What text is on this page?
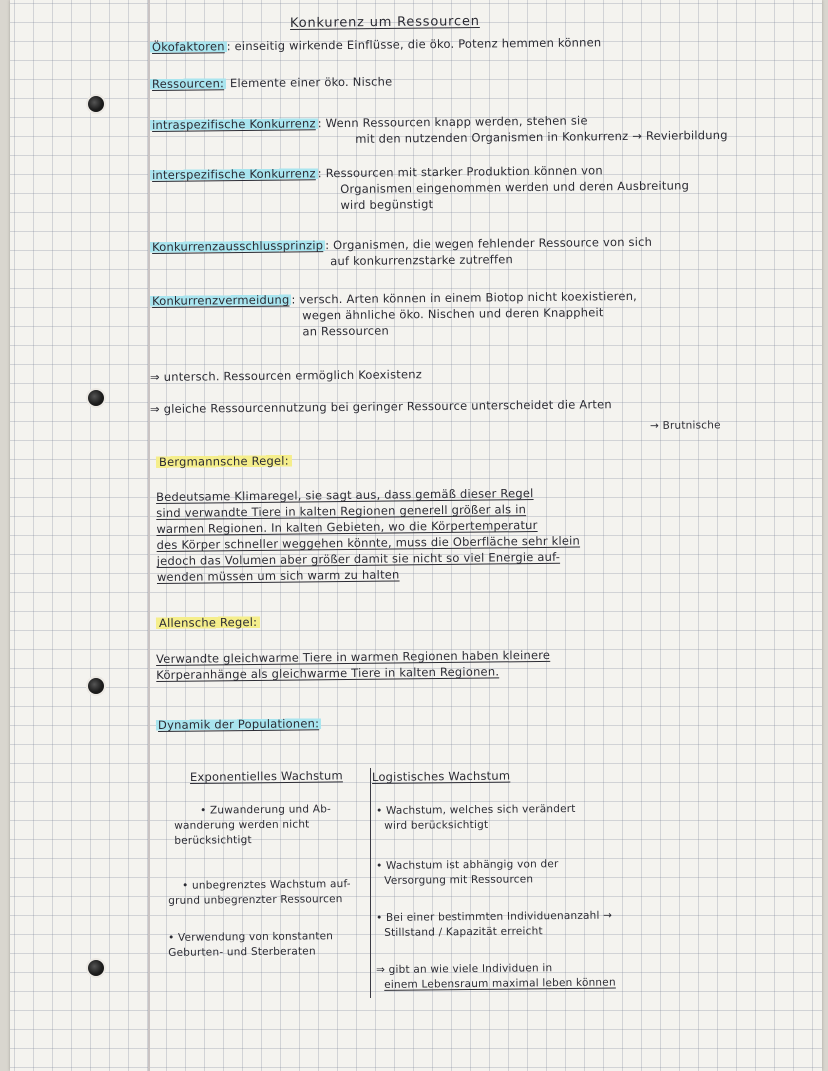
Konkurenz um Ressourcen
Ökofaktoren : einseitig wirkende Einflüsse, die öko. Potenz hemmen können
Ressourcen: Elemente einer öko. Nische
intraspezifische Konkurrenz : Wenn Ressourcen knapp werden, stehen sie
mit den nutzenden Organismen in Konkurrenz → Revierbildung
interspezifische Konkurrenz : Ressourcen mit starker Produktion können von
Organismen eingenommen werden und deren Ausbreitung
wird begünstigt
Konkurrenzausschlussprinzip : Organismen, die wegen fehlender Ressource von sich
auf konkurrenzstarke zutreffen
Konkurrenzvermeidung : versch. Arten können in einem Biotop nicht koexistieren,
wegen ähnliche öko. Nischen und deren Knappheit
an Ressourcen
⇒ untersch. Ressourcen ermöglich Koexistenz
⇒ gleiche Ressourcennutzung bei geringer Ressource unterscheidet die Arten
→ Brutnische
Bergmannsche Regel:
Bedeutsame Klimaregel, sie sagt aus, dass gemäß dieser Regel
sind verwandte Tiere in kalten Regionen generell größer als in
warmen Regionen. In kalten Gebieten, wo die Körpertemperatur
des Körper schneller weggehen könnte, muss die Oberfläche sehr klein
jedoch das Volumen aber größer damit sie nicht so viel Energie auf-
wenden müssen um sich warm zu halten
Allensche Regel:
Verwandte gleichwarme Tiere in warmen Regionen haben kleinere
Körperanhänge als gleichwarme Tiere in kalten Regionen.
Dynamik der Populationen:
Exponentielles Wachstum	Logistisches Wachstum
• Zuwanderung und Ab-
wanderung werden nicht
berücksichtigt
• unbegrenztes Wachstum auf-
grund unbegrenzter Ressourcen
• Verwendung von konstanten
Geburten- und Sterberaten
• Wachstum, welches sich verändert
wird berücksichtigt
• Wachstum ist abhängig von der
Versorgung mit Ressourcen
• Bei einer bestimmten Individuenanzahl →
Stillstand / Kapazität erreicht
⇒ gibt an wie viele Individuen in
einem Lebensraum maximal leben können
